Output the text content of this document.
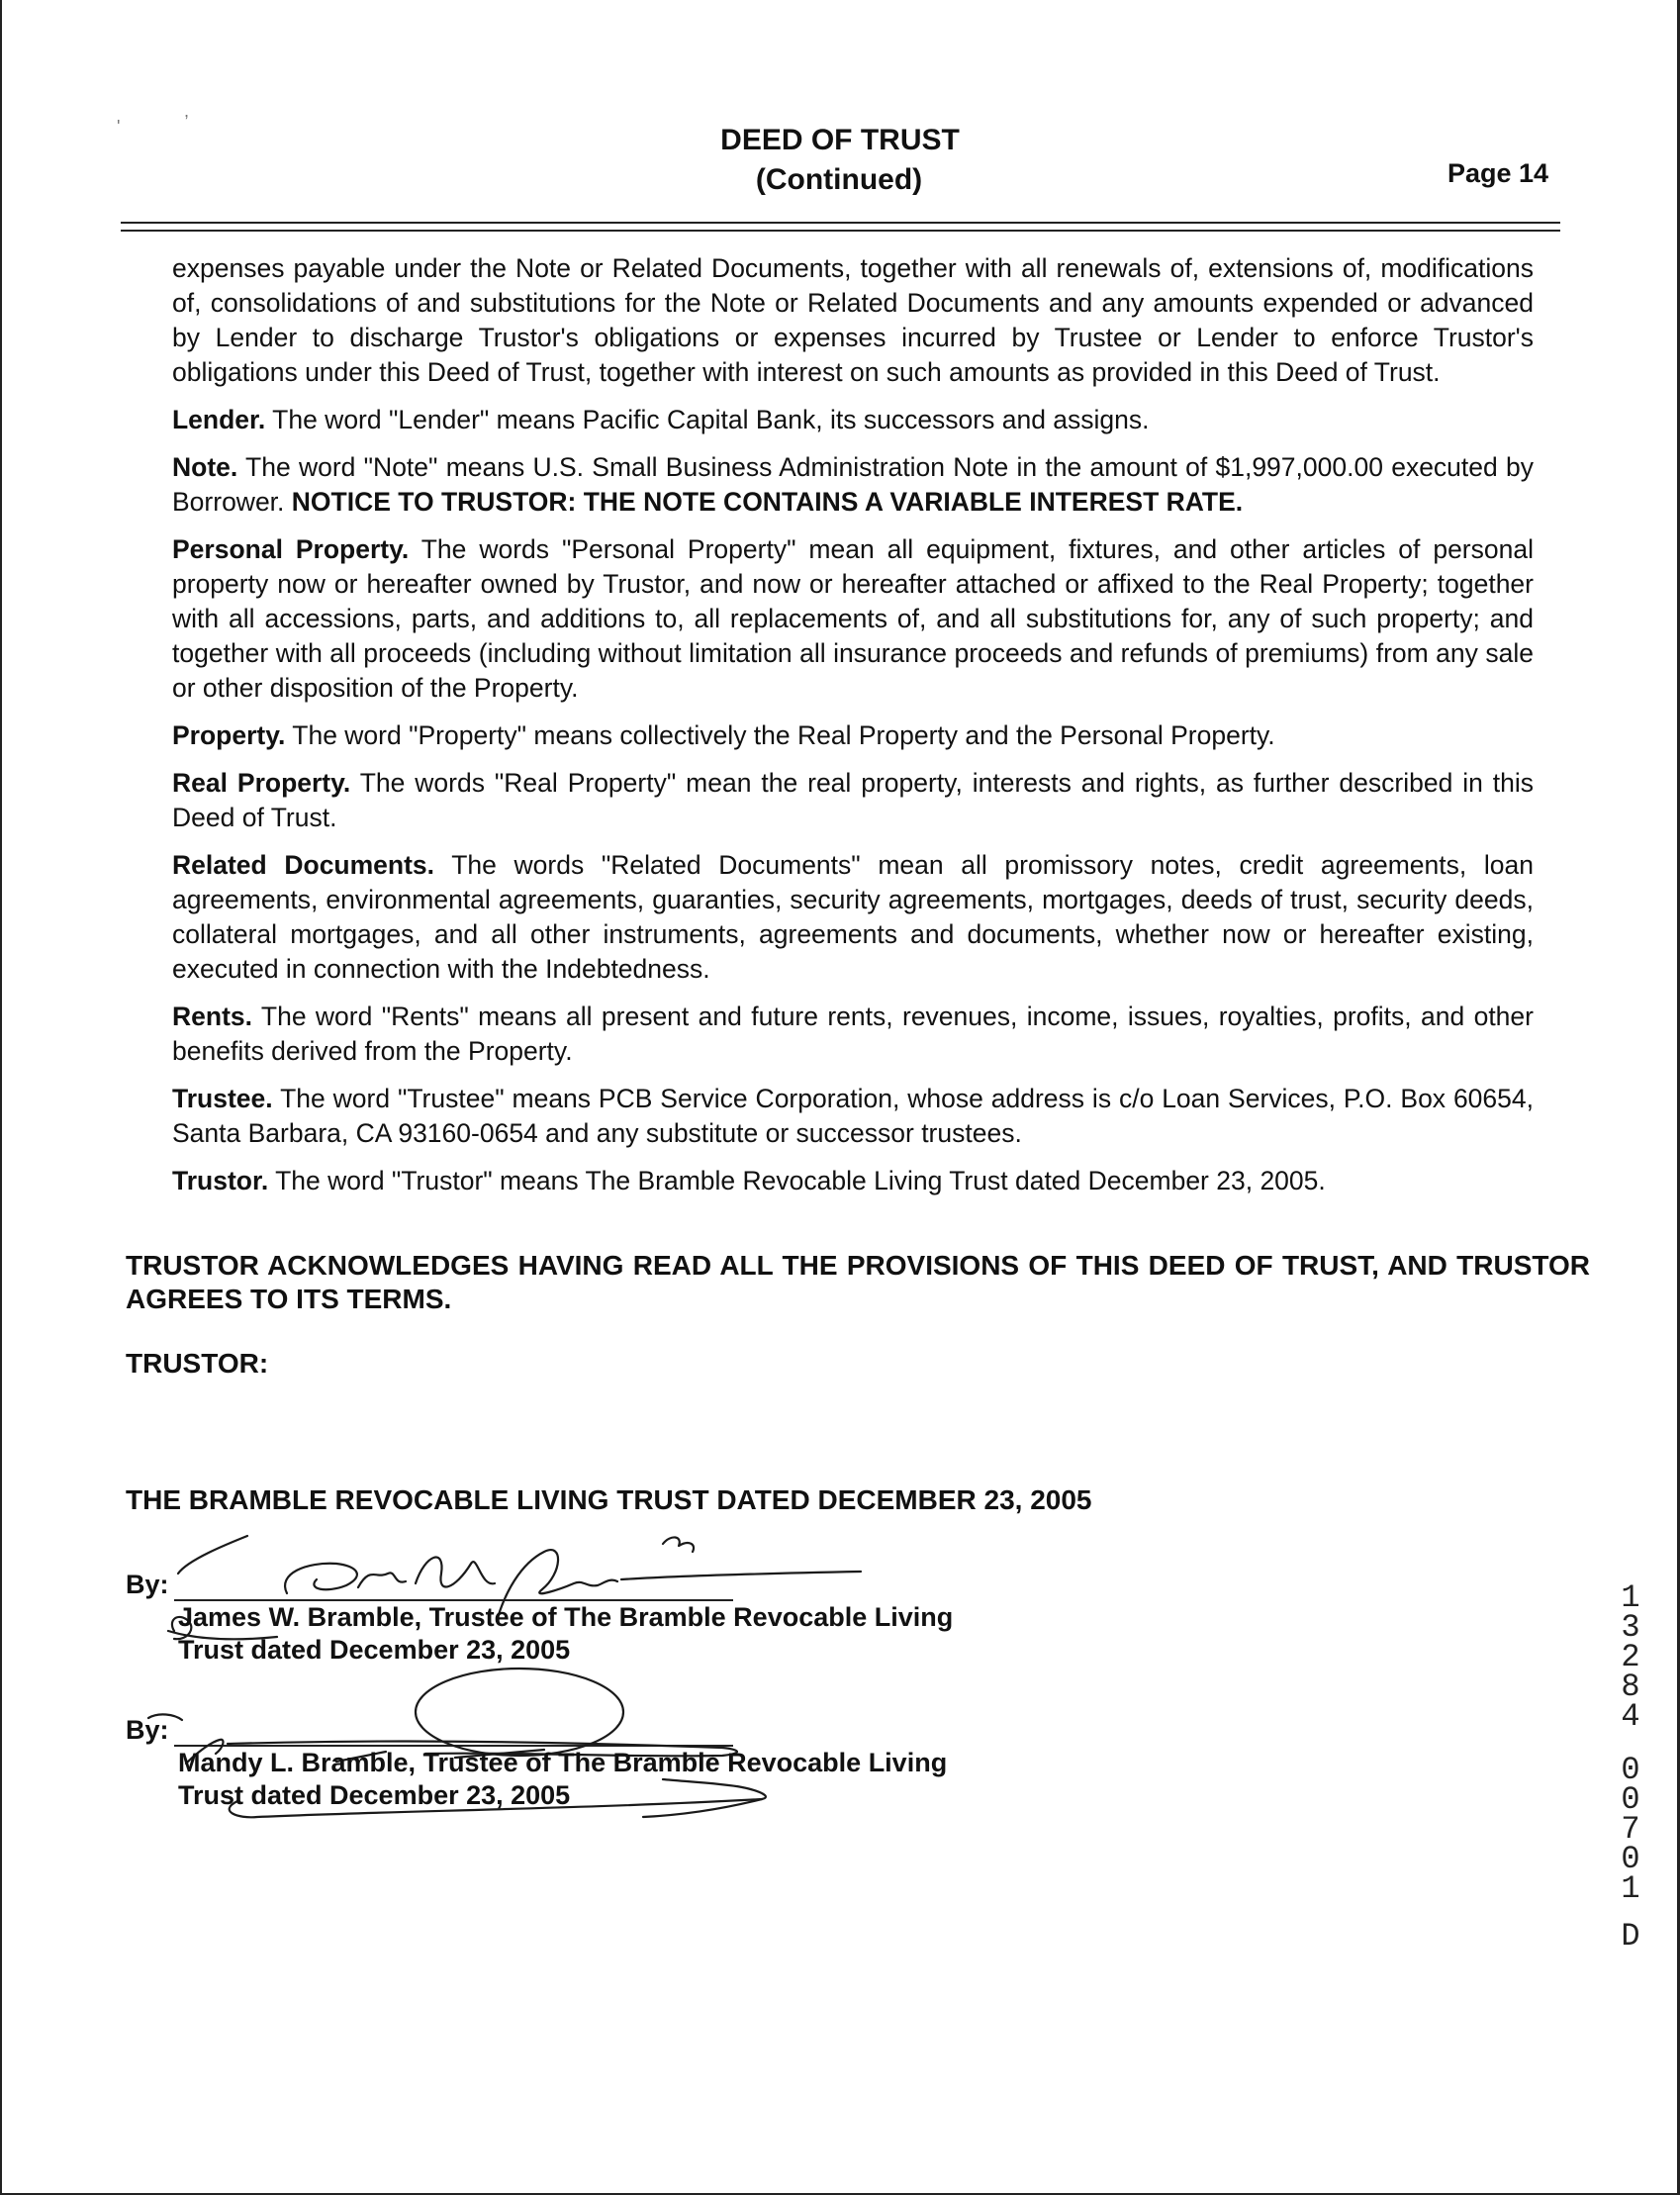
'
,
DEED OF TRUST
(Continued)	Page 14

expenses payable under the Note or Related Documents, together with all renewals of, extensions of, modifications of, consolidations of and substitutions for the Note or Related Documents and any amounts expended or advanced by Lender to discharge Trustor's obligations or expenses incurred by Trustee or Lender to enforce Trustor's obligations under this Deed of Trust, together with interest on such amounts as provided in this Deed of Trust.

Lender. The word "Lender" means Pacific Capital Bank, its successors and assigns.

Note. The word "Note" means U.S. Small Business Administration Note in the amount of $1,997,000.00 executed by Borrower. NOTICE TO TRUSTOR: THE NOTE CONTAINS A VARIABLE INTEREST RATE.

Personal Property. The words "Personal Property" mean all equipment, fixtures, and other articles of personal property now or hereafter owned by Trustor, and now or hereafter attached or affixed to the Real Property; together with all accessions, parts, and additions to, all replacements of, and all substitutions for, any of such property; and together with all proceeds (including without limitation all insurance proceeds and refunds of premiums) from any sale or other disposition of the Property.

Property. The word "Property" means collectively the Real Property and the Personal Property.

Real Property. The words "Real Property" mean the real property, interests and rights, as further described in this Deed of Trust.

Related Documents. The words "Related Documents" mean all promissory notes, credit agreements, loan agreements, environmental agreements, guaranties, security agreements, mortgages, deeds of trust, security deeds, collateral mortgages, and all other instruments, agreements and documents, whether now or hereafter existing, executed in connection with the Indebtedness.

Rents. The word "Rents" means all present and future rents, revenues, income, issues, royalties, profits, and other benefits derived from the Property.

Trustee. The word "Trustee" means PCB Service Corporation, whose address is c/o Loan Services, P.O. Box 60654, Santa Barbara, CA 93160-0654 and any substitute or successor trustees.

Trustor. The word "Trustor" means The Bramble Revocable Living Trust dated December 23, 2005.

TRUSTOR ACKNOWLEDGES HAVING READ ALL THE PROVISIONS OF THIS DEED OF TRUST, AND TRUSTOR AGREES TO ITS TERMS.

TRUSTOR:

THE BRAMBLE REVOCABLE LIVING TRUST DATED DECEMBER 23, 2005

By:
James W. Bramble, Trustee of The Bramble Revocable Living
Trust dated December 23, 2005
By:
Mandy L. Bramble, Trustee of The Bramble Revocable Living
Trust dated December 23, 2005
1
3
2
8
4
0
0
7
0
1
D
